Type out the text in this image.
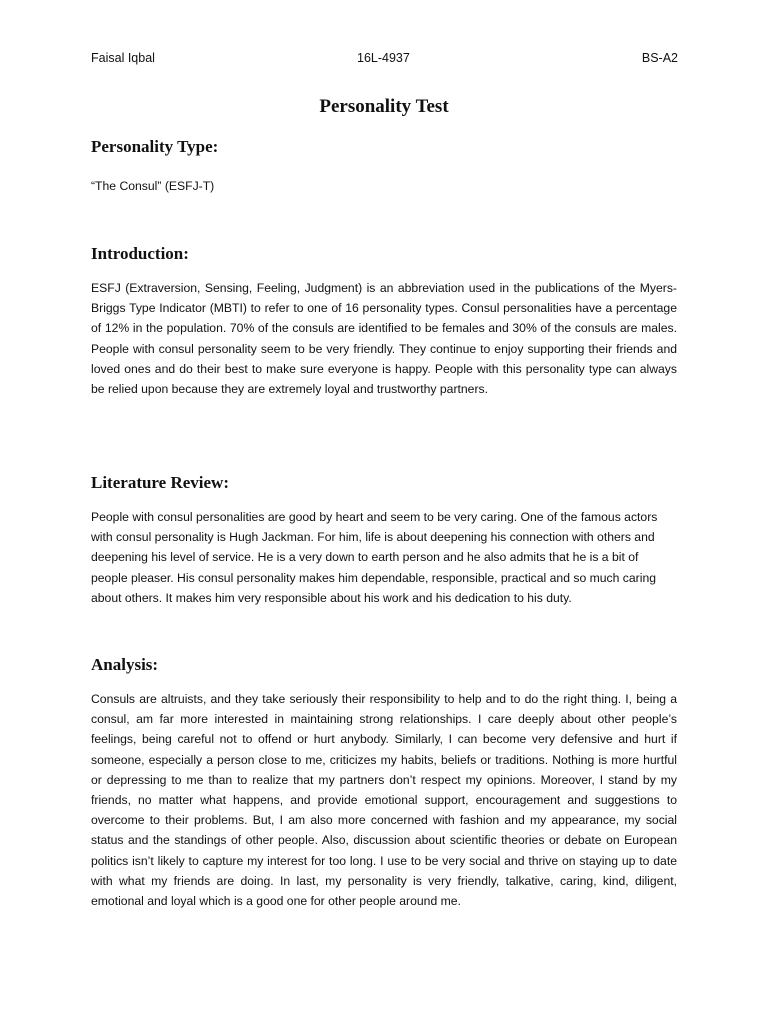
Faisal Iqbal	16L-4937	BS-A2
Personality Test
Personality Type:

“The Consul” (ESFJ-T)

Introduction:

ESFJ (Extraversion, Sensing, Feeling, Judgment) is an abbreviation used in the publications of the Myers-Briggs Type Indicator (MBTI) to refer to one of 16 personality types. Consul personalities have a percentage of 12% in the population. 70% of the consuls are identified to be females and 30% of the consuls are males. People with consul personality seem to be very friendly. They continue to enjoy supporting their friends and loved ones and do their best to make sure everyone is happy. People with this personality type can always be relied upon because they are extremely loyal and trustworthy partners.

Literature Review:

People with consul personalities are good by heart and seem to be very caring. One of the famous actors with consul personality is Hugh Jackman. For him, life is about deepening his connection with others and deepening his level of service. He is a very down to earth person and he also admits that he is a bit of people pleaser. His consul personality makes him dependable, responsible, practical and so much caring about others. It makes him very responsible about his work and his dedication to his duty.

Analysis:

Consuls are altruists, and they take seriously their responsibility to help and to do the right thing. I, being a consul, am far more interested in maintaining strong relationships. I care deeply about other people’s feelings, being careful not to offend or hurt anybody. Similarly, I can become very defensive and hurt if someone, especially a person close to me, criticizes my habits, beliefs or traditions. Nothing is more hurtful or depressing to me than to realize that my partners don’t respect my opinions. Moreover, I stand by my friends, no matter what happens, and provide emotional support, encouragement and suggestions to overcome to their problems. But, I am also more concerned with fashion and my appearance, my social status and the standings of other people. Also, discussion about scientific theories or debate on European politics isn’t likely to capture my interest for too long. I use to be very social and thrive on staying up to date with what my friends are doing. In last, my personality is very friendly, talkative, caring, kind, diligent, emotional and loyal which is a good one for other people around me.
